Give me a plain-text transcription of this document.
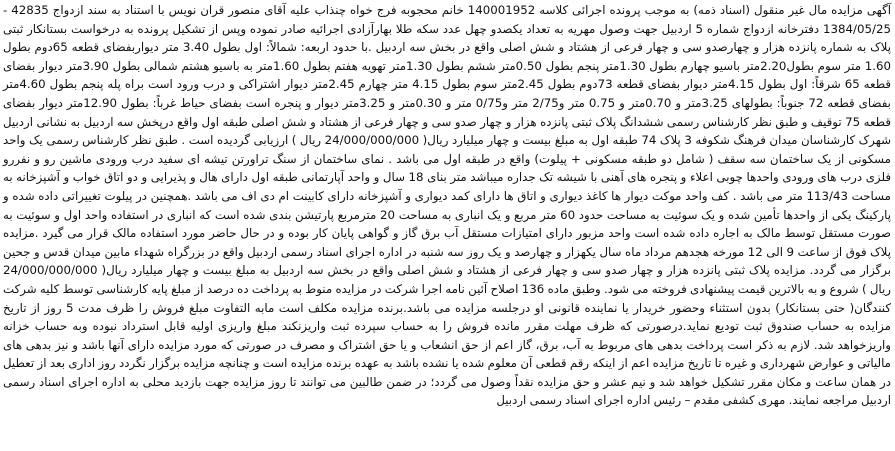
آگهی مزایده مال غیر منقول (اسناد ذمه) به موجب پرونده اجرائی کلاسه 140001952 خانم محجوبه فرج خواه چنذاب علیه آقای منصور قران نویس با استناد به سند ازدواج 42835 - 1384/05/25 دفترخانه ازدواج شماره 5 اردبیل جهت وصول مهریه به تعداد یکصدو چهل عدد سکه طلا بهارآزادی اجرائیه صادر نموده وپس از تشکیل پرونده به درخواست بستانکار ثبتی پلاک به شماره پانزده هزار و چهارصدو سی و چهار فرعی از هشتاد و شش اصلی واقع در بخش سه اردبیل .با حدود اربعه: شمالاً: اول بطول 3.40 متر دیواربفضای قطعه 65دوم بطول 1.60 متر سوم بطول2.20متر باسیو چهارم بطول 1.30متر پنجم بطول 0.50متر ششم بطول 1.30متر تهویه هفتم بطول 1.60متر به باسیو هشتم شمالی بطول 3.90متر دیوار بفضای قطعه 65 شرقاً: اول بطول 4.15متر دیوار بفضای قطعه 73دوم بطول 2.45متر سوم بطول 4.15 متر چهارم 2.45متر دیوار اشتراکی و درب ورود است براه پله پنجم بطول 4.60متر بفضای قطعه 72 جنوباً: بطولهای 3.25متر و 0.70متر و 0.75 متر و2/75 متر و0/75 متر و 0.30متر و 3.25متر دیوار و پنجره است بفضای حیاط غرباً: بطول 12.90متر دیوار بفضای قطعه 75 توقیف و طبق نظر کارشناس رسمی ششدانگ پلاک ثبتی پانزده هزار و چهار صدو سی و چهار فرعی از هشتاد و شش اصلی طبقه اول واقع درپخش سه اردبیل به نشانی اردبیل شهرک کارشناسان میدان فرهنگ شکوفه 3 پلاک 74 طبقه اول به مبلغ بیست و چهار میلیارد ریال( 24/000/000/000 ریال ) ارزیابی گردیده است . طبق نظر کارشناس رسمی یک واحد مسکونی از یک ساختمان سه سقف ( شامل دو طبقه مسکونی + پیلوت) واقع در طبقه اول می باشد . نمای ساختمان از سنگ تراورتن تیشه ای سفید درب ورودی ماشین رو و نفررو فلزی درب های ورودی واحدها چوبی اعلاء و پنجره های آهنی با شیشه تک جداره میباشد متر بنای 18 سال و واحد آپارتمانی طبقه اول دارای هال و پذیرایی و دو اتاق خواب و آشپزخانه به مساحت 113/43 متر می باشد . کف واحد موکت دیوار ها کاغذ دیواری و اتاق ها دارای کمد دیواری و آشپزخانه دارای کابینت ام دی اف می باشد .همچنین در پیلوت تغییراتی داده شده و پارکینگ یکی از واحدها تأمین شده و یک سوئیت به مساحت حدود 60 متر مربع و یک انباری به مساحت 20 مترمربع پارتیشن بندی شده است که انباری در استفاده واحد اول و سوئیت به صورت مستقل توسط مالک به اجاره داده شده است واحد مزبور دارای امتیازات مستقل آب برق گاز و گواهی پایان کار بوده و در حال حاضر مورد استفاده مالک قرار می گیرد .مزایده پلاک فوق از ساعت 9 الی 12 مورخه هجدهم مرداد ماه سال یکهزار و چهارصد و یک روز سه شنبه در اداره اجرای اسناد رسمی اردبیل واقع در بزرگراه شهداء مابین میدان قدس و جحین برگزار می گردد. مزایده پلاک ثبتی پانزده هزار و چهار صدو سی و چهار فرعی از هشتاد و شش اصلی واقع در بخش سه اردبیل به مبلغ بیست و چهار میلیارد ریال( 24/000/000/000 ریال ) شروع و به بالاترین قیمت پیشنهادی فروخته می شود. وطبق ماده 136 اصلاح آئین نامه اجرا شرکت در مزایده منوط به پرداخت ده درصد از مبلغ پایه کارشناسی توسط کلیه شرکت کنندگان( حتی بستانکار) بدون استثناء وحضور خریدار یا نماینده قانونی او درجلسه مزایده می باشد.برنده مزایده مکلف است مابه التفاوت مبلغ فروش را ظرف مدت 5 روز از تاریخ مزایده به حساب صندوق ثبت تودیع نماید.درصورتی که ظرف مهلت مقرر مانده فروش را به حساب سپرده ثبت واریزنکند مبلغ واریزی اولیه قابل استرداد نبوده وبه حساب خزانه واریزخواهد شد. لازم به ذکر است پرداخت بدهی های مربوط به آب، برق، گاز اعم از حق انشعاب و یا حق اشتراک و مصرف در صورتی که مورد مزایده دارای آنها باشد و نیز بدهی های مالیاتی و عوارض شهرداری و غیره تا تاریخ مزایده اعم از اینکه رقم قطعی آن معلوم شده یا نشده باشد به عهده برنده مزایده است و چنانچه مزایده برگزار نگردد روز اداری بعد از تعطیل در همان ساعت و مکان مقرر تشکیل خواهد شد و نیم عشر و حق مزایده نقداً وصول می گردد؛ در ضمن طالبین می توانند تا روز مزایده جهت بازدید محلی به اداره اجرای اسناد رسمی اردبیل مراجعه نمایند. مهری کشفی مقدم – رئیس اداره اجرای اسناد رسمی اردبیل
